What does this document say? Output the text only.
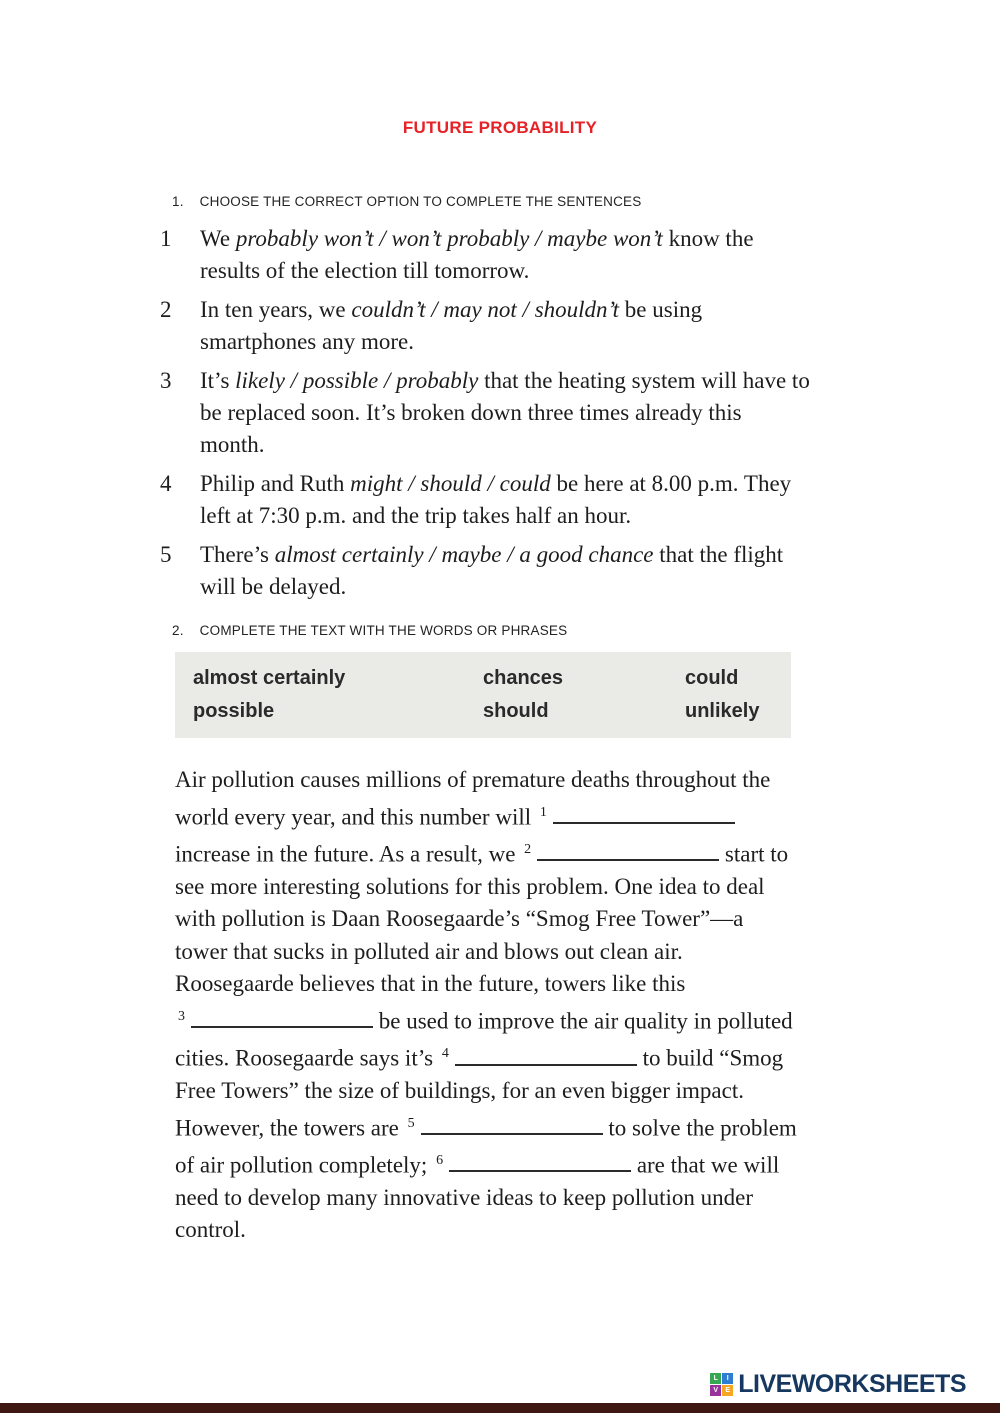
FUTURE PROBABILITY
1. CHOOSE THE CORRECT OPTION TO COMPLETE THE SENTENCES
1	We probably won’t / won’t probably / maybe won’t know the results of the election till tomorrow.
2	In ten years, we couldn’t / may not / shouldn’t be using smartphones any more.
3	It’s likely / possible / probably that the heating system will have to be replaced soon. It’s broken down three times already this month.
4	Philip and Ruth might / should / could be here at 8.00 p.m. They left at 7:30 p.m. and the trip takes half an hour.
5	There’s almost certainly / maybe / a good chance that the flight will be delayed.
2. COMPLETE THE TEXT WITH THE WORDS OR PHRASES
almost certainly	chances	could
possible	should	unlikely
Air pollution causes millions of premature deaths throughout the world every year, and this number will $^1$ increase in the future. As a result, we $^2$	start to see more interesting solutions for this problem. One idea to deal with pollution is Daan Roosegaarde’s “Smog Free Tower”—a tower that sucks in polluted air and blows out clean air. Roosegaarde believes that in the future, towers like this $^3$	be used to improve the air quality in polluted cities. Roosegaarde says it’s $^4$	to build “Smog Free Towers” the size of buildings, for an even bigger impact. However, the towers are $^5$	to solve the problem of air pollution completely; $^6$	are that we will need to develop many innovative ideas to keep pollution under control.
L	I
V	E LIVEWORKSHEETS
